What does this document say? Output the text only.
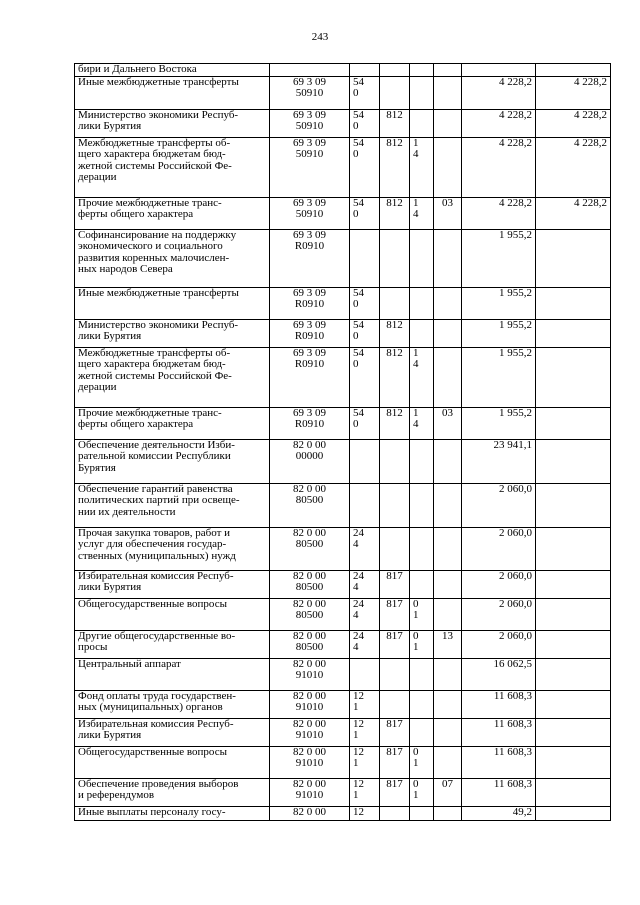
243
бири и Дальнего Востока							

Иные межбюджетные трансферты	69 3 09
50910	54
0				4 228,2	4 228,2

Министерство экономики Респуб-
лики Бурятия	69 3 09
50910	54
0	812			4 228,2	4 228,2

Межбюджетные трансферты об-
щего характера бюджетам бюд-
жетной системы Российской Фе-
дерации	69 3 09
50910	54
0	812	1
4		4 228,2	4 228,2

Прочие межбюджетные транс-
ферты общего характера	69 3 09
50910	54
0	812	1
4	03	4 228,2	4 228,2

Софинансирование на поддержку
экономического и социального
развития коренных малочислен-
ных народов Севера	69 3 09
R0910					1 955,2	

Иные межбюджетные трансферты	69 3 09
R0910	54
0				1 955,2	

Министерство экономики Респуб-
лики Бурятия	69 3 09
R0910	54
0	812			1 955,2	

Межбюджетные трансферты об-
щего характера бюджетам бюд-
жетной системы Российской Фе-
дерации	69 3 09
R0910	54
0	812	1
4		1 955,2	

Прочие межбюджетные транс-
ферты общего характера	69 3 09
R0910	54
0	812	1
4	03	1 955,2	

Обеспечение деятельности Изби-
рательной комиссии Республики
Бурятия	82 0 00
00000					23 941,1	

Обеспечение гарантий равенства
политических партий при освеще-
нии их деятельности	82 0 00
80500					2 060,0	

Прочая закупка товаров, работ и
услуг для обеспечения государ-
ственных (муниципальных) нужд	82 0 00
80500	24
4				2 060,0	

Избирательная комиссия Респуб-
лики Бурятия	82 0 00
80500	24
4	817			2 060,0	

Общегосударственные вопросы	82 0 00
80500	24
4	817	0
1		2 060,0	

Другие общегосударственные во-
просы	82 0 00
80500	24
4	817	0
1	13	2 060,0	

Центральный аппарат	82 0 00
91010					16 062,5	

Фонд оплаты труда государствен-
ных (муниципальных) органов	82 0 00
91010	12
1				11 608,3	

Избирательная комиссия Респуб-
лики Бурятия	82 0 00
91010	12
1	817			11 608,3	

Общегосударственные вопросы	82 0 00
91010	12
1	817	0
1		11 608,3	

Обеспечение проведения выборов
и референдумов	82 0 00
91010	12
1	817	0
1	07	11 608,3	

Иные выплаты персоналу госу-	82 0 00	12				49,2	
